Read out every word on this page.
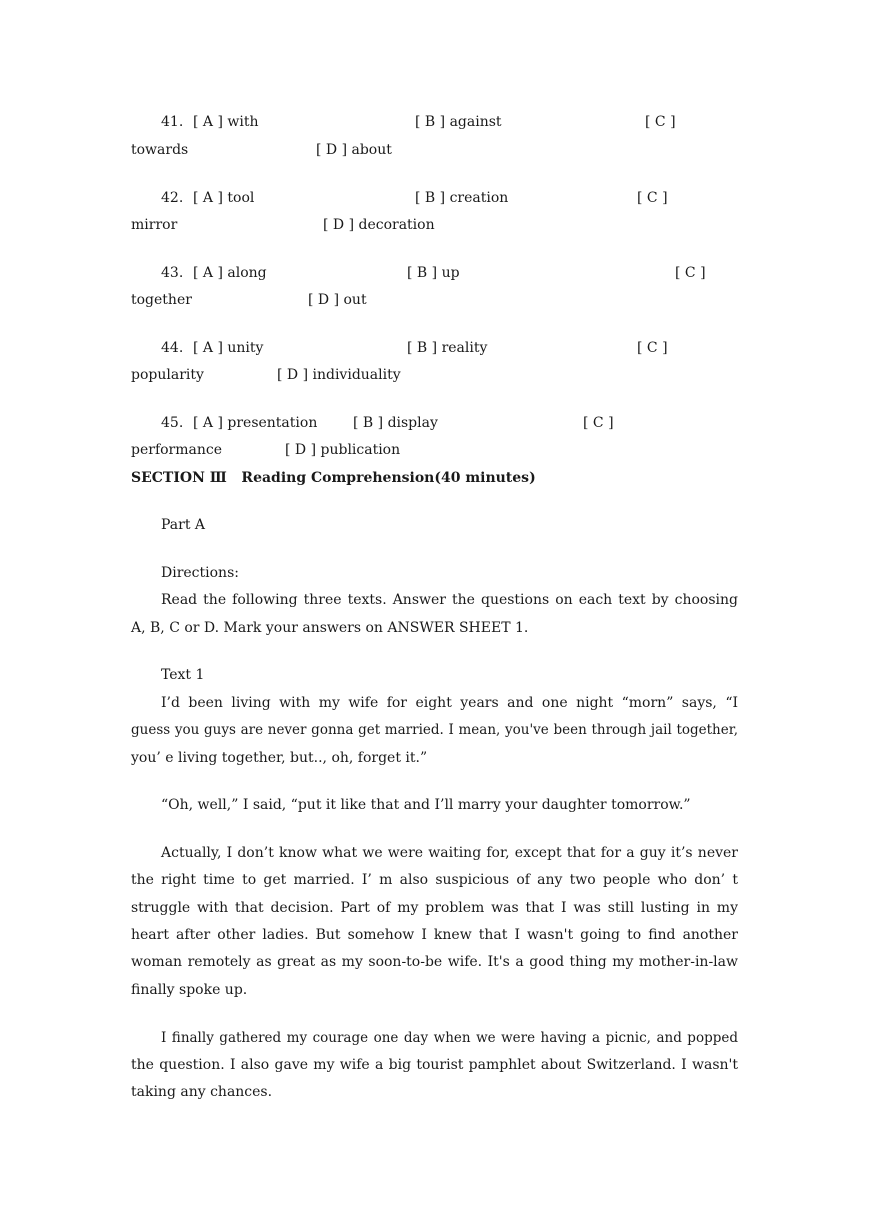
41.

[ A ] with

	[ B ] against

	[ C ]

towards

	[ D ] about

42.

[ A ] tool

	[ B ] creation

	[ C ]

mirror

	[ D ] decoration

43.

[ A ] along

	[ B ] up

	[ C ]

together

	[ D ] out

44.

[ A ] unity

	[ B ] reality

	[ C ]

popularity

	[ D ] individuality

45.

[ A ] presentation

	[ B ] display

	[ C ]

performance

	[ D ] publication

SECTION Ⅲ   Reading Comprehension(40 minutes)
Part A
Directions:
Read the following three texts. Answer the questions on each text by choosing
A, B, C or D. Mark your answers on ANSWER SHEET 1.
Text 1
I’d been living with my wife for eight years and one night “morn” says, “I
guess you guys are never gonna get married. I mean, you've been through jail together,
you’ e living together, but.., oh, forget it.”
“Oh, well,” I said, “put it like that and I’ll marry your daughter tomorrow.”
Actually, I don’t know what we were waiting for, except that for a guy it’s never
the right time to get married. I’ m also suspicious of any two people who don’ t
struggle with that decision. Part of my problem was that I was still lusting in my
heart after other ladies. But somehow I knew that I wasn't going to find another
woman remotely as great as my soon-to-be wife. It's a good thing my mother-in-law
finally spoke up.
I finally gathered my courage one day when we were having a picnic, and popped
the question. I also gave my wife a big tourist pamphlet about Switzerland. I wasn't
taking any chances.
